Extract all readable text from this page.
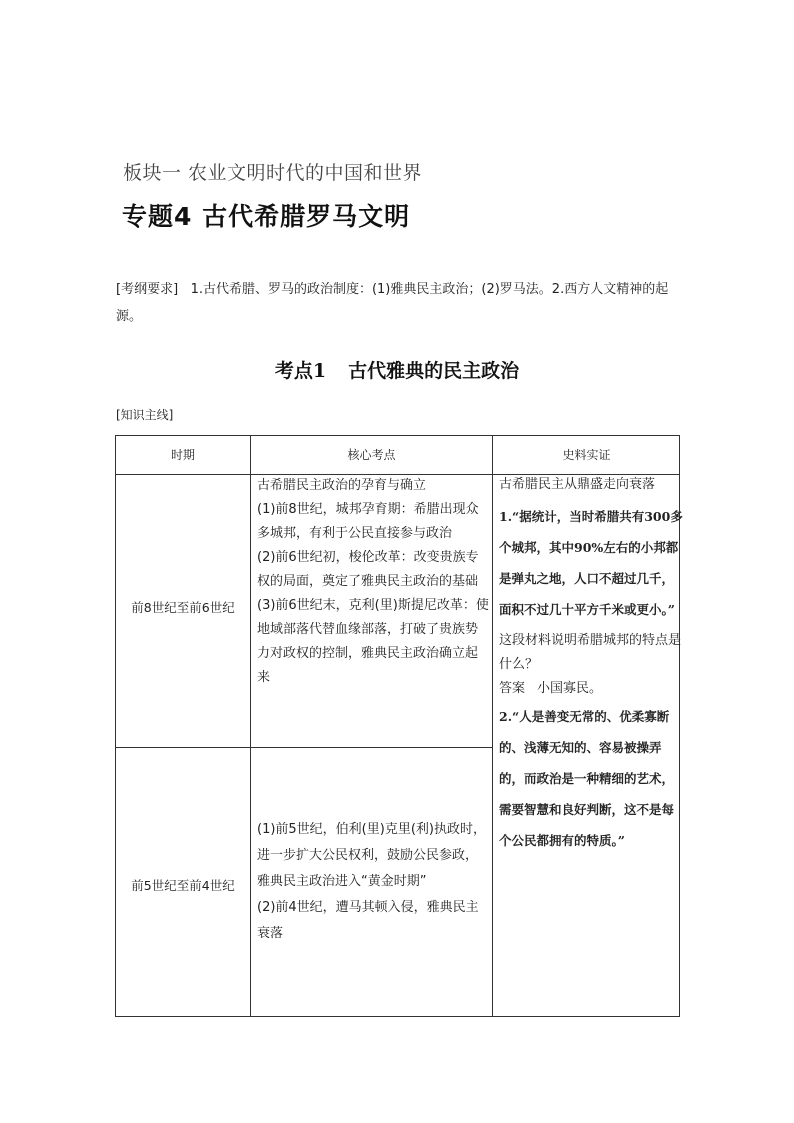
板块一 农业文明时代的中国和世界
专题4 古代希腊罗马文明
[考纲要求] 1.古代希腊、罗马的政治制度：(1)雅典民主政治；(2)罗马法。2.西方人文精神的起源。
考点1 古代雅典的民主政治
[知识主线]
时期	核心考点	史料实证
前8世纪至前6世纪
古希腊民主政治的孕育与确立
(1)前8世纪，城邦孕育期：希腊出现众多城邦，有利于公民直接参与政治
(2)前6世纪初，梭伦改革：改变贵族专权的局面，奠定了雅典民主政治的基础
(3)前6世纪末，克利(里)斯提尼改革：使地域部落代替血缘部落，打破了贵族势力对政权的控制，雅典民主政治确立起来
前5世纪至前4世纪
(1)前5世纪，伯利(里)克里(利)执政时，进一步扩大公民权利，鼓励公民参政，雅典民主政治进入“黄金时期”
(2)前4世纪，遭马其顿入侵，雅典民主衰落
古希腊民主从鼎盛走向衰落
1.“据统计，当时希腊共有300多个城邦，其中90%左右的小邦都是弹丸之地，人口不超过几千，面积不过几十平方千米或更小。”
这段材料说明希腊城邦的特点是什么？
答案 小国寡民。
2.“人是善变无常的、优柔寡断的、浅薄无知的、容易被操弄的，而政治是一种精细的艺术，需要智慧和良好判断，这不是每个公民都拥有的特质。”
